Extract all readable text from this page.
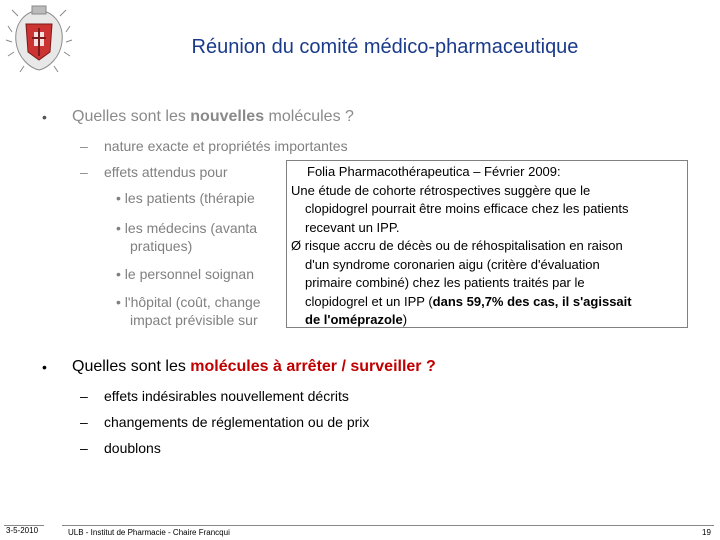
Réunion du comité médico-pharmaceutique
• Quelles sont les nouvelles molécules ?
– nature exacte et propriétés importantes
– effets attendus pour
• les patients (thérapie
• les médecins (avanta
pratiques)
• le personnel soignan
• l'hôpital (coût, change
impact prévisible sur
Folia Pharmacothérapeutica – Février 2009:
Une étude de cohorte rétrospectives suggère que le
clopidogrel pourrait être moins efficace chez les patients
recevant un IPP.
Ø risque accru de décès ou de réhospitalisation en raison
d'un syndrome coronarien aigu (critère d'évaluation
primaire combiné) chez les patients traités par le
clopidogrel et un IPP (dans 59,7% des cas, il s'agissait
de l'oméprazole)
• Quelles sont les molécules à arrêter / surveiller ?
– effets indésirables nouvellement décrits
– changements de réglementation ou de prix
– doublons
3-5-2010	ULB - Institut de Pharmacie - Chaire Francqui	19
